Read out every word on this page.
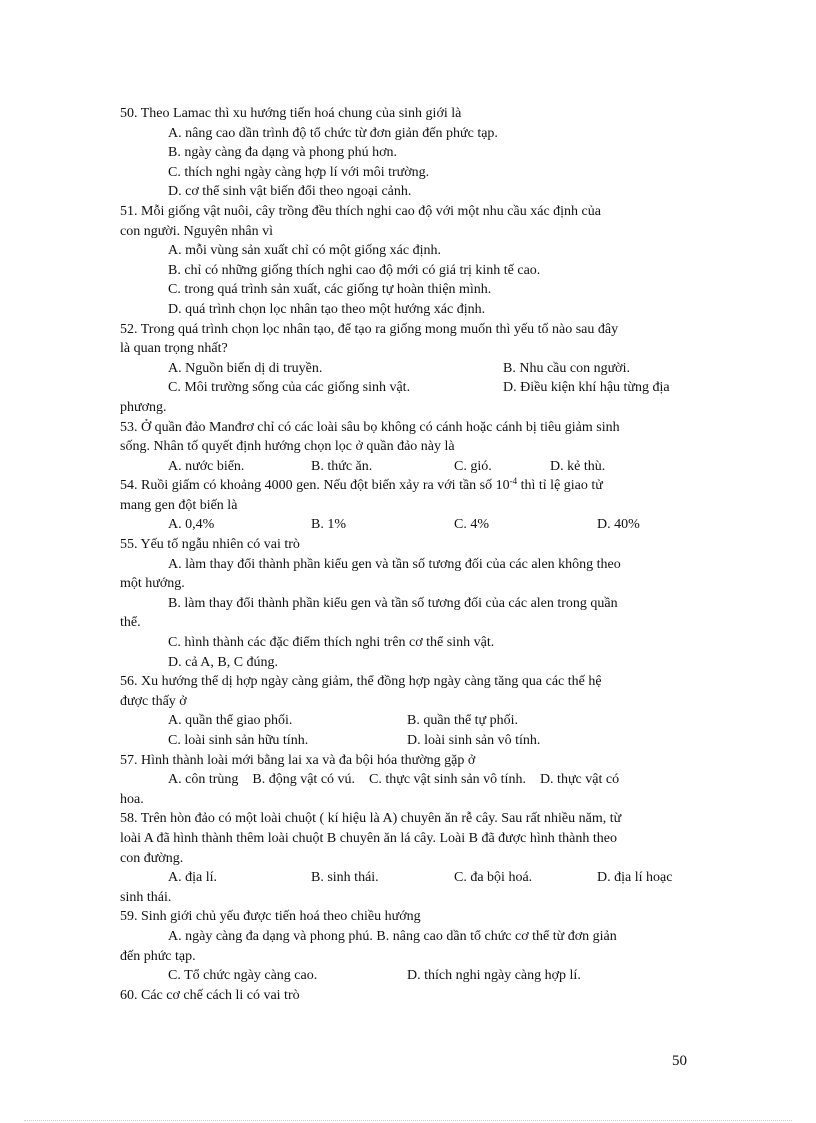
50. Theo Lamac thì xu hướng tiến hoá chung của sinh giới là

A. nâng cao dần trình độ tổ chức từ đơn giản đến phức tạp.

B. ngày càng đa dạng và phong phú hơn.

C. thích nghi ngày càng hợp lí với môi trường.

D. cơ thể sinh vật biến đổi theo ngoại cảnh.

51. Mỗi giống vật nuôi, cây trồng đều thích nghi cao độ với một nhu cầu xác định của

con người. Nguyên nhân vì

A. mỗi vùng sản xuất chỉ có một giống xác định.

B. chỉ có những giống thích nghi cao độ mới có giá trị kinh tế cao.

C. trong quá trình sản xuất, các giống tự hoàn thiện mình.

D. quá trình chọn lọc nhân tạo theo một hướng xác định.

52. Trong quá trình chọn lọc nhân tạo, để tạo ra giống mong muốn thì yếu tố nào sau đây

là quan trọng nhất?

A. Nguồn biến dị di truyền.	B. Nhu cầu con người.
C. Môi trường sống của các giống sinh vật.	D. Điều kiện khí hậu từng địa

phương.

53. Ở quần đảo Manđrơ chỉ có các loài sâu bọ không có cánh hoặc cánh bị tiêu giảm sinh

sống. Nhân tố quyết định hướng chọn lọc ở quần đảo này là

A. nước biển.	B. thức ăn.	C. gió.	D. kẻ thù.

54. Ruồi giấm có khoảng 4000 gen. Nếu đột biến xảy ra với tần số $10^{-4}$ thì tỉ lệ giao tử

mang gen đột biến là

A. 0,4%	B. 1%	C. 4%	D. 40%

55. Yếu tố ngẫu nhiên có vai trò

A. làm thay đổi thành phần kiểu gen và tần số tương đối của các alen không theo

một hướng.

B. làm thay đổi thành phần kiểu gen và tần số tương đối của các alen trong quần

thể.

C. hình thành các đặc điểm thích nghi trên cơ thể sinh vật.

D. cả A, B, C đúng.

56. Xu hướng thể dị hợp ngày càng giảm, thể đồng hợp ngày càng tăng qua các thế hệ

được thấy ở

A. quần thể giao phối.	B. quần thể tự phối.
C. loài sinh sản hữu tính.	D. loài sinh sản vô tính.

57. Hình thành loài mới bằng lai xa và đa bội hóa thường gặp ở

A. côn trùng    B. động vật có vú.    C. thực vật sinh sản vô tính.    D. thực vật có

hoa.

58. Trên hòn đảo có một loài chuột ( kí hiệu là A) chuyên ăn rễ cây. Sau rất nhiều năm, từ

loài A đã hình thành thêm loài chuột B chuyên ăn lá cây. Loài B đã được hình thành theo

con đường.

A. địa lí.	B. sinh thái.	C. đa bội hoá.	D. địa lí hoạc

sinh thái.

59. Sinh giới chủ yếu được tiến hoá theo chiều hướng

A. ngày càng đa dạng và phong phú. B. nâng cao dần tổ chức cơ thể từ đơn giản

đến phức tạp.

C. Tổ chức ngày càng cao.	D. thích nghi ngày càng hợp lí.

60. Các cơ chế cách li có vai trò

50
